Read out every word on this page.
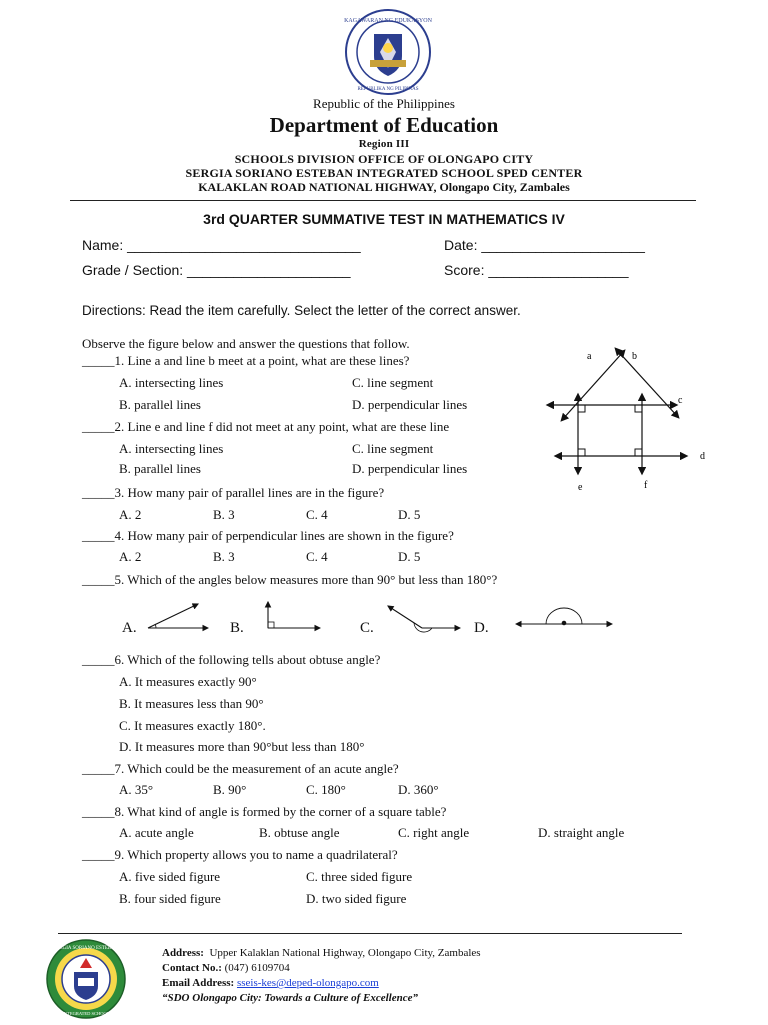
KAGAWARAN NG EDUKASYON
REPUBLIKA NG PILIPINAS
Republic of the Philippines
Department of Education
Region III
SCHOOLS DIVISION OFFICE OF OLONGAPO CITY
SERGIA SORIANO ESTEBAN INTEGRATED SCHOOL SPED CENTER
KALAKLAN ROAD NATIONAL HIGHWAY, Olongapo City, Zambales
3rd QUARTER SUMMATIVE TEST IN MATHEMATICS IV
Name: ______________________________	Date: _____________________
Grade / Section: _____________________	Score: __________________
Directions: Read the item carefully. Select the letter of the correct answer.
Observe the figure below and answer the questions that follow.
_____1. Line a and line b meet at a point, what are these lines?
A. intersecting lines	C. line segment
B. parallel lines	D. perpendicular lines
_____2. Line e and line f did not meet at any point, what are these line
A. intersecting lines	C. line segment
B. parallel lines	D. perpendicular lines
a	b
c
d
e	f
_____3. How many pair of parallel lines are in the figure?
A. 2	B. 3	C. 4	D. 5
_____4. How many pair of perpendicular lines are shown in the figure?
A. 2	B. 3	C. 4	D. 5
_____5. Which of the angles below measures more than 90° but less than 180°?
A.	B.	C.	D.
_____6. Which of the following tells about obtuse angle?
A. It measures exactly 90°
B. It measures less than 90°
C. It measures exactly 180°.
D. It measures more than 90°but less than 180°
_____7. Which could be the measurement of an acute angle?
A. 35°	B. 90°	C. 180°	D. 360°
_____8. What kind of angle is formed by the corner of a square table?
A. acute angle	B. obtuse angle	C. right angle	D. straight angle
_____9. Which property allows you to name a quadrilateral?
A. five sided figure	C. three sided figure
B. four sided figure	D. two sided figure
SERGIA SORIANO ESTEBAN
INTEGRATED SCHOOL
Address: Upper Kalaklan National Highway, Olongapo City, Zambales
Contact No.: (047) 6109704
Email Address: sseis-kes@deped-olongapo.com
“SDO Olongapo City: Towards a Culture of Excellence”
